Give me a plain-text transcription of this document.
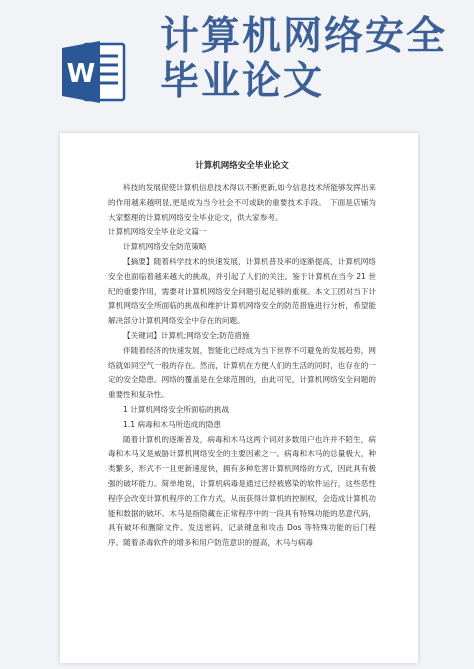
W
计算机网络安全毕业论文
计算机网络安全毕业论文

科技的发展促使计算机信息技术得以不断更新,如今信息技术所能够发挥出来的作用越来越明显,更是成为当今社会不可或缺的重要技术手段。　下面是店铺为大家整理的计算机网络安全毕业论文，供大家参考。

计算机网络安全毕业论文篇一

计算机网络安全防范策略

【摘要】随着科学技术的快速发展，计算机普及率的逐渐提高，计算机网络安全也面临着越来越大的挑战，并引起了人们的关注。鉴于计算机在当今 21 世纪的重要作用，需要对计算机网络安全问题引起足够的重视。本文工团对当下计算机网络安全所面临的挑战和维护计算机网络安全的防范措施进行分析，希望能解决部分计算机网络安全中存在的问题。

【关键词】计算机;网络安全;防范措施

伴随着经济的快速发展，智能化已经成为当下世界不可避免的发展趋势，网络就如同空气一般的存在。然而，计算机在方便人们的生活的同时，也存在的一定的安全隐患。网络的覆盖是在全球范围的，由此可见，计算机网络安全问题的重要性和复杂性。

1 计算机网络安全所面临的挑战

1.1 病毒和木马所造成的隐患

随着计算机的逐渐普及，病毒和木马这两个词对多数用户也许并不陌生，病毒和木马又是威胁计算机网络安全的主要因素之一。病毒和木马的总量极大，种类繁多，形式不一且更新速度快，拥有多种危害计算机网络的方式，因此具有极强的破坏能力。简单地说，计算机病毒是通过已经被感染的软件运行，这些恶性程序会改变计算机程序的工作方式，从而获得计算机的控制权，会造成计算机功能和数据的破坏。木马是指隐藏在正常程序中的一段具有特殊功能的恶意代码，具有破坏和删除文件、发送密码、记录键盘和攻击 Dos 等特殊功能的后门程序。随着杀毒软件的增多和用户防范意识的提高，木马与病毒
